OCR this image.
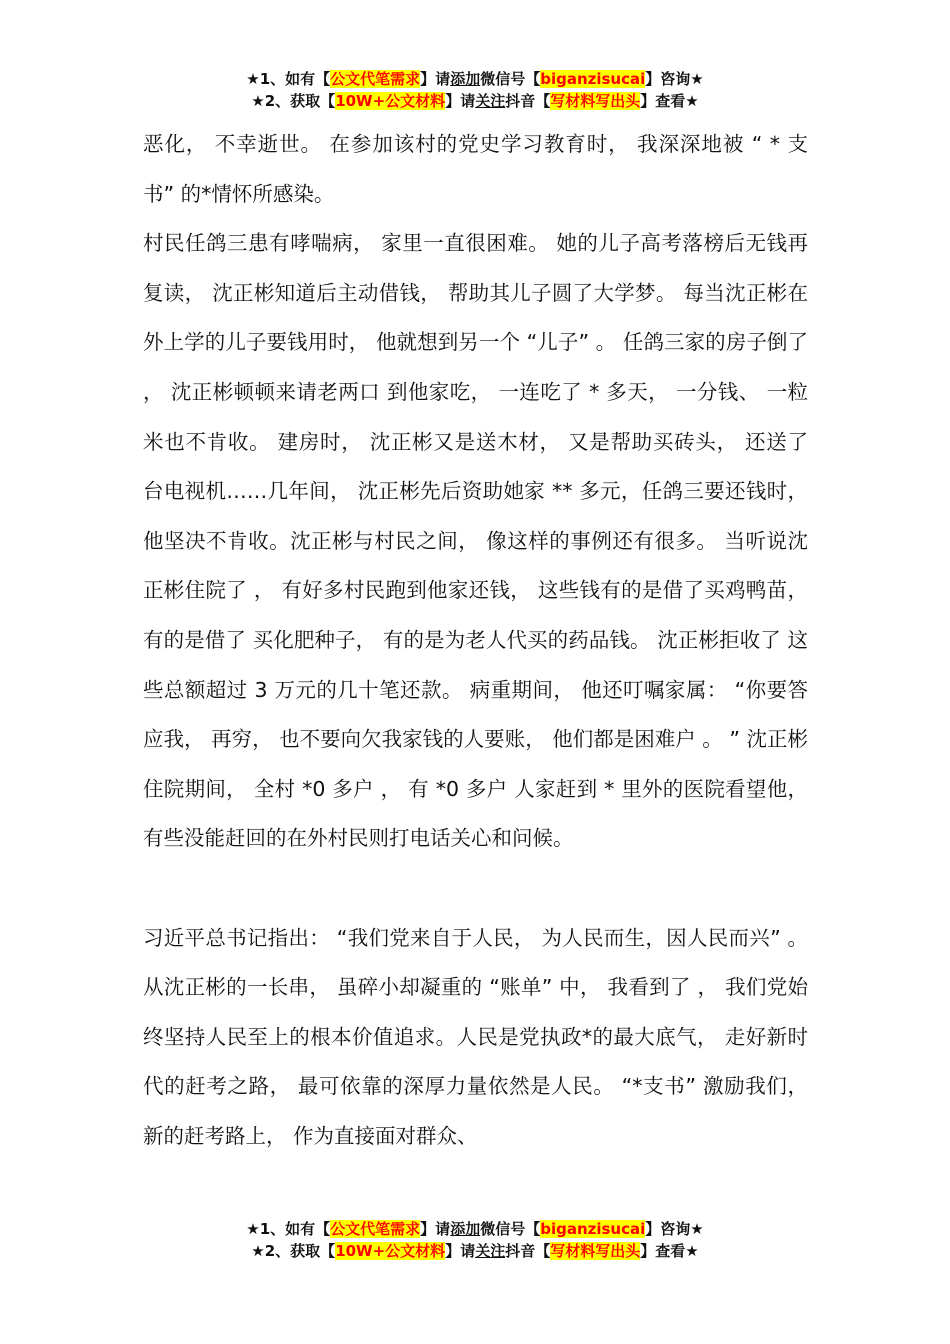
★1、如有【公文代笔需求】请添加微信号【biganzisucai】咨询★
★2、获取【10W+公文材料】请关注抖音【写材料写出头】查看★

恶化， 不幸逝世。 在参加该村的党史学习教育时， 我深深地被 “ * 支书” 的*情怀所感染。

村民任鸽三患有哮喘病， 家里一直很困难。 她的儿子高考落榜后无钱再复读， 沈正彬知道后主动借钱， 帮助其儿子圆了大学梦。 每当沈正彬在外上学的儿子要钱用时， 他就想到另一个 “儿子” 。 任鸽三家的房子倒了 ， 沈正彬顿顿来请老两口 到他家吃， 一连吃了 * 多天， 一分钱、 一粒米也不肯收。 建房时， 沈正彬又是送木材， 又是帮助买砖头， 还送了 台电视机……几年间， 沈正彬先后资助她家 ** 多元，任鸽三要还钱时， 他坚决不肯收。沈正彬与村民之间， 像这样的事例还有很多。 当听说沈正彬住院了 ， 有好多村民跑到他家还钱， 这些钱有的是借了买鸡鸭苗， 有的是借了 买化肥种子， 有的是为老人代买的药品钱。 沈正彬拒收了 这些总额超过 3 万元的几十笔还款。 病重期间， 他还叮嘱家属： “你要答应我， 再穷， 也不要向欠我家钱的人要账， 他们都是困难户 。 ” 沈正彬住院期间， 全村 *0 多户 ， 有 *0 多户 人家赶到 * 里外的医院看望他，有些没能赶回的在外村民则打电话关心和问候。

习近平总书记指出： “我们党来自于人民， 为人民而生，因人民而兴” 。 从沈正彬的一长串， 虽碎小却凝重的 “账单” 中， 我看到了 ， 我们党始终坚持人民至上的根本价值追求。人民是党执政*的最大底气， 走好新时代的赶考之路， 最可依靠的深厚力量依然是人民。 “*支书” 激励我们， 新的赶考路上， 作为直接面对群众、

★1、如有【公文代笔需求】请添加微信号【biganzisucai】咨询★
★2、获取【10W+公文材料】请关注抖音【写材料写出头】查看★
